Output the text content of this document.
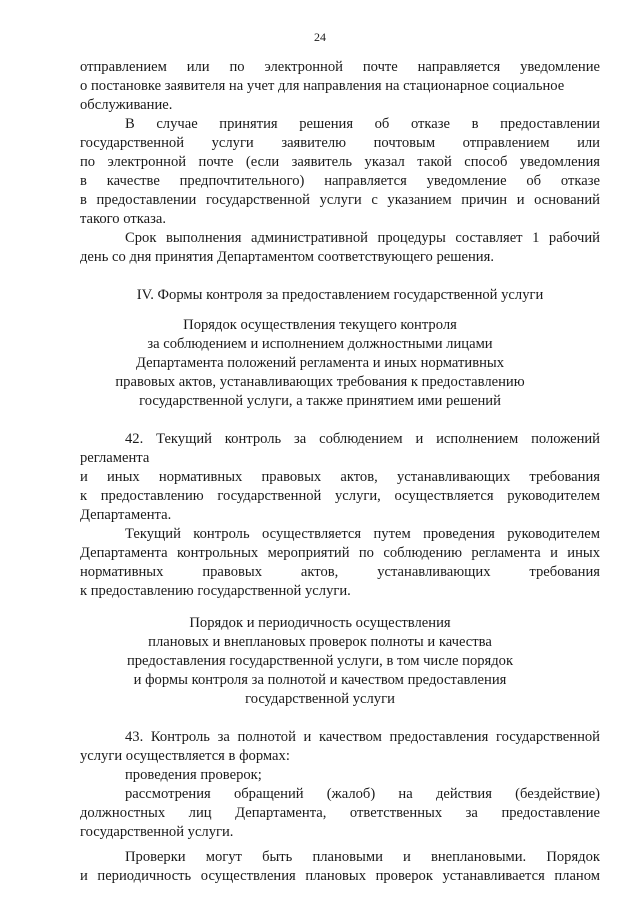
24
отправлением или по электронной почте направляется уведомление
о постановке заявителя на учет для направления на стационарное социальное
обслуживание.
В случае принятия решения об отказе в предоставлении
государственной услуги заявителю почтовым отправлением или
по электронной почте (если заявитель указал такой способ уведомления
в качестве предпочтительного) направляется уведомление об отказе
в предоставлении государственной услуги с указанием причин и оснований
такого отказа.
Срок выполнения административной процедуры составляет 1 рабочий
день со дня принятия Департаментом соответствующего решения.
IV. Формы контроля за предоставлением государственной услуги
Порядок осуществления текущего контроля
за соблюдением и исполнением должностными лицами
Департамента положений регламента и иных нормативных
правовых актов, устанавливающих требования к предоставлению
государственной услуги, а также принятием ими решений
42. Текущий контроль за соблюдением и исполнением положений
регламента
и иных нормативных правовых актов, устанавливающих требования
к предоставлению государственной услуги, осуществляется руководителем
Департамента.
Текущий контроль осуществляется путем проведения руководителем
Департамента контрольных мероприятий по соблюдению регламента и иных
нормативных правовых актов, устанавливающих требования
к предоставлению государственной услуги.
Порядок и периодичность осуществления
плановых и внеплановых проверок полноты и качества
предоставления государственной услуги, в том числе порядок
и формы контроля за полнотой и качеством предоставления
государственной услуги
43. Контроль за полнотой и качеством предоставления государственной
услуги осуществляется в формах:
проведения проверок;
рассмотрения обращений (жалоб) на действия (бездействие)
должностных лиц Департамента, ответственных за предоставление
государственной услуги.
Проверки могут быть плановыми и внеплановыми. Порядок
и периодичность осуществления плановых проверок устанавливается планом
